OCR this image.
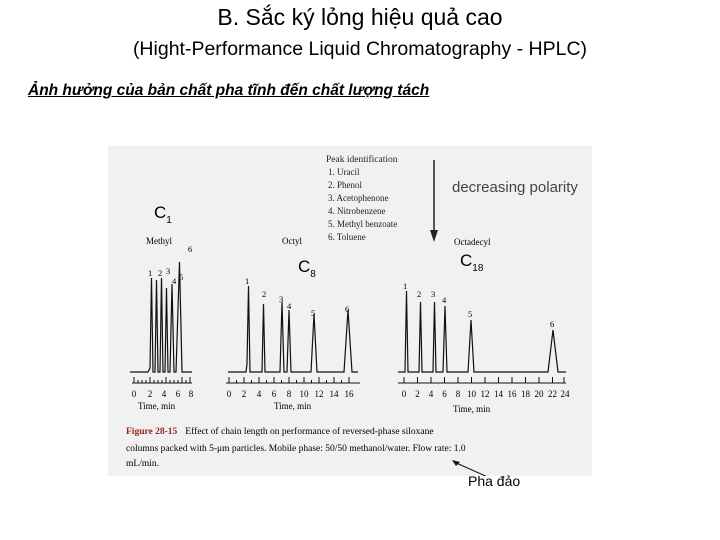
B. Sắc ký lỏng hiệu quả cao
(Hight-Performance Liquid Chromatography - HPLC)
Ảnh hưởng của bản chất pha tĩnh đến chất lượng tách
Peak identification
1. Uracil
2. Phenol
3. Acetophenone
4. Nitrobenzene
5. Methyl benzoate
6. Toluene
decreasing polarity
Methyl
$C_1$
1 2 3
4 5
6
0 2 4 6 8
Time, min
Octyl
$C_8$
1
2 3
4
5	6
0 2 4 6 8 10 12 14 16
Time, min
Octadecyl
$C_{18}$
1
2 3
4
5
6
0 2 4 6 8 10 12 14 16 18 20 22 24
Time, min
Figure 28-15 Effect of chain length on performance of reversed-phase siloxane
columns packed with 5-μm particles. Mobile phase: 50/50 methanol/water. Flow rate: 1.0
mL/min.
Pha đảo
